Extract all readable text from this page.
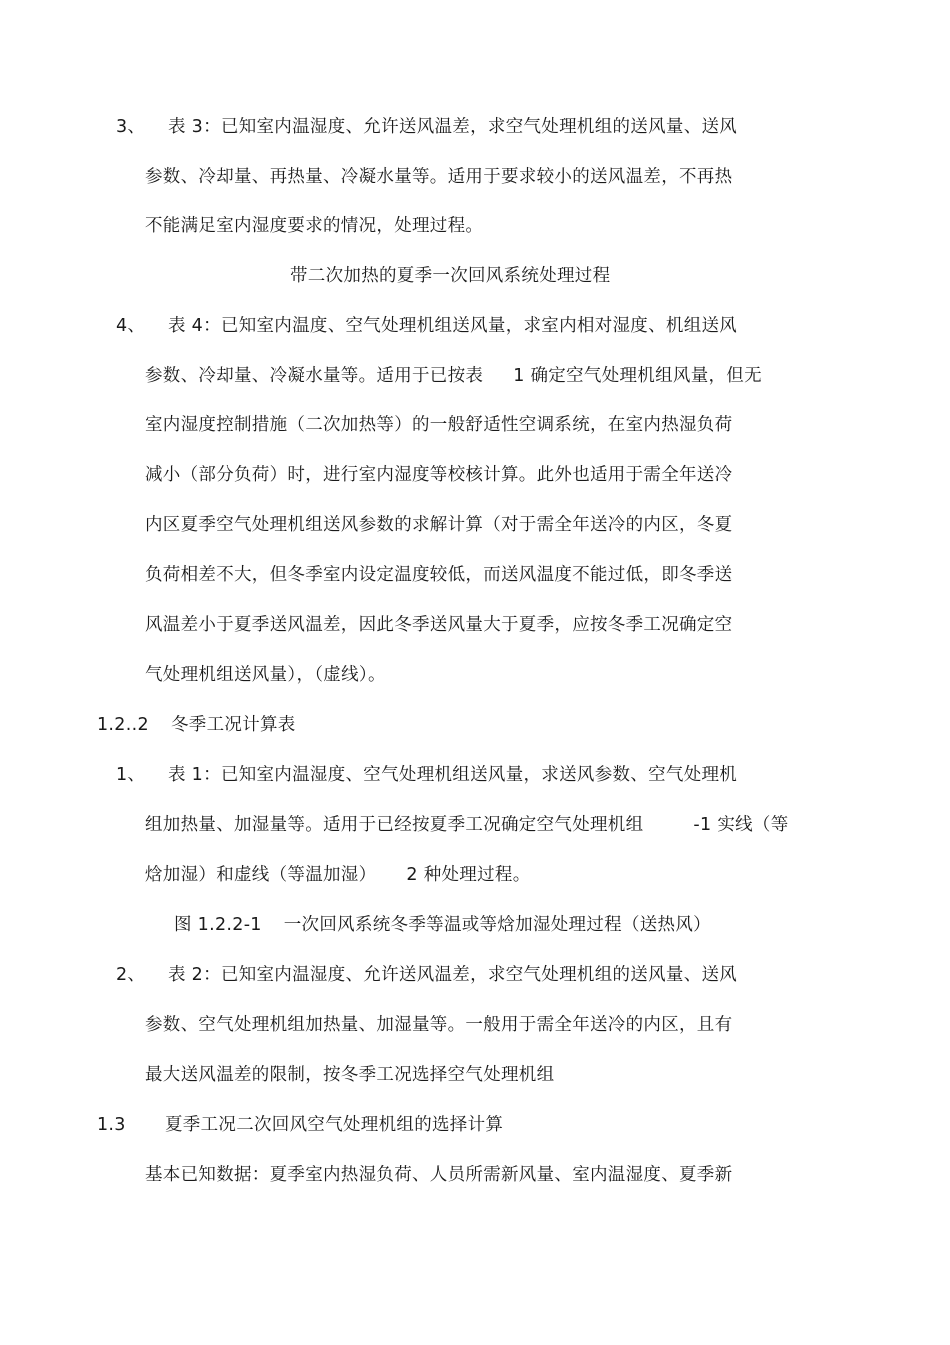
3、 表 3：已知室内温湿度、允许送风温差，求空气处理机组的送风量、送风
参数、冷却量、再热量、冷凝水量等。适用于要求较小的送风温差，不再热
不能满足室内湿度要求的情况，处理过程。
带二次加热的夏季一次回风系统处理过程
4、 表 4：已知室内温度、空气处理机组送风量，求室内相对湿度、机组送风
参数、冷却量、冷凝水量等。适用于已按表 1 确定空气处理机组风量，但无
室内湿度控制措施（二次加热等）的一般舒适性空调系统，在室内热湿负荷
减小（部分负荷）时，进行室内湿度等校核计算。此外也适用于需全年送冷
内区夏季空气处理机组送风参数的求解计算（对于需全年送冷的内区，冬夏
负荷相差不大，但冬季室内设定温度较低，而送风温度不能过低，即冬季送
风温差小于夏季送风温差，因此冬季送风量大于夏季，应按冬季工况确定空
气处理机组送风量），（虚线）。
1.2..2 冬季工况计算表
1、 表 1：已知室内温湿度、空气处理机组送风量，求送风参数、空气处理机
组加热量、加湿量等。适用于已经按夏季工况确定空气处理机组	-1 实线（等
焓加湿）和虚线（等温加湿） 2 种处理过程。
图 1.2.2-1 一次回风系统冬季等温或等焓加湿处理过程（送热风）
2、 表 2：已知室内温湿度、允许送风温差，求空气处理机组的送风量、送风
参数、空气处理机组加热量、加湿量等。一般用于需全年送冷的内区，且有
最大送风温差的限制，按冬季工况选择空气处理机组
1.3 夏季工况二次回风空气处理机组的选择计算
基本已知数据：夏季室内热湿负荷、人员所需新风量、室内温湿度、夏季新
